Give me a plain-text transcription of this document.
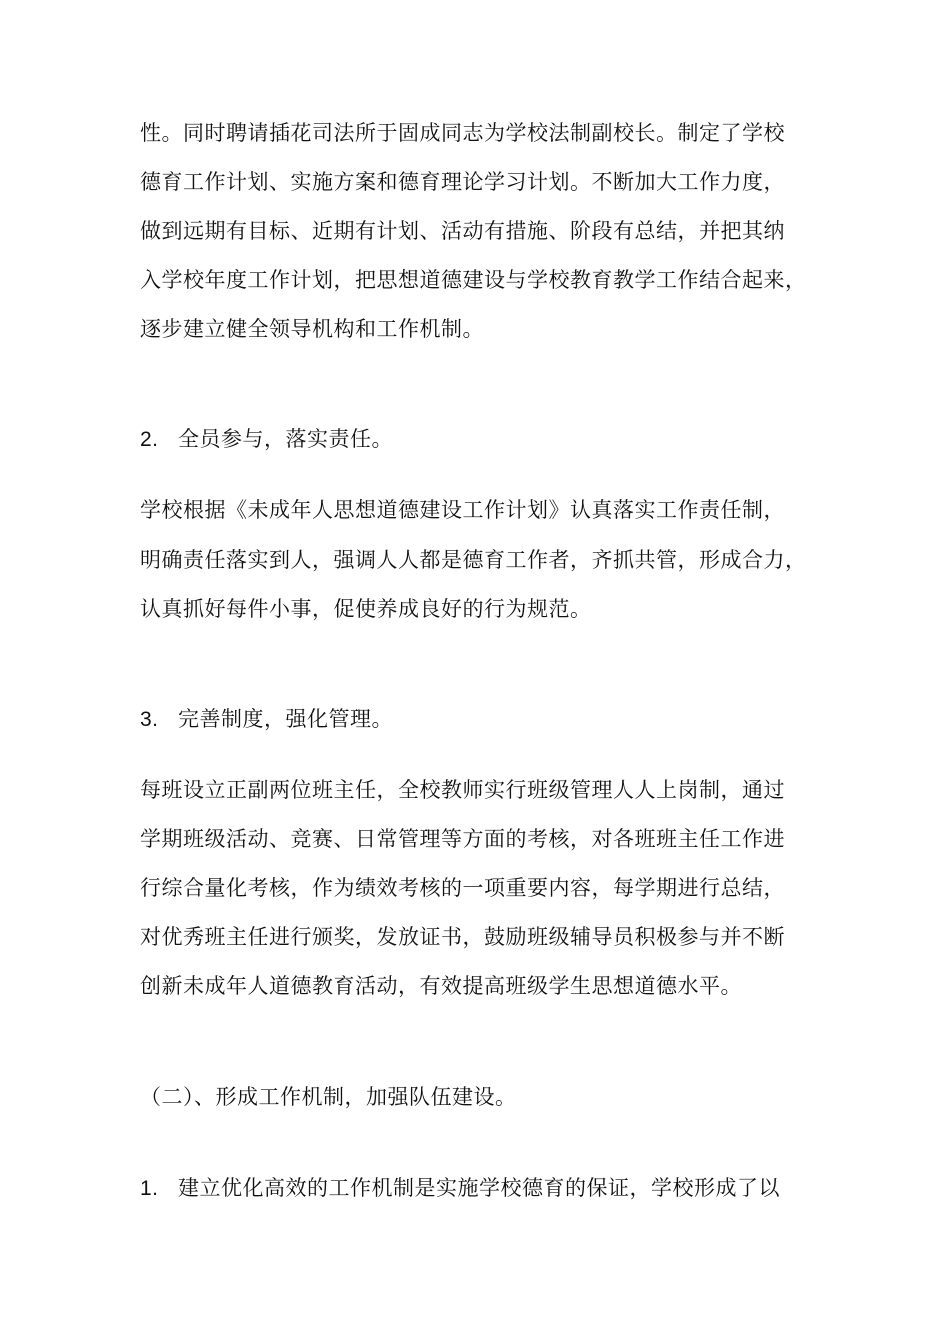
性。同时聘请插花司法所于固成同志为学校法制副校长。制定了学校
德育工作计划、实施方案和德育理论学习计划。不断加大工作力度，
做到远期有目标、近期有计划、活动有措施、阶段有总结，并把其纳
入学校年度工作计划，把思想道德建设与学校教育教学工作结合起来，
逐步建立健全领导机构和工作机制。
2. 全员参与，落实责任。
学校根据《未成年人思想道德建设工作计划》认真落实工作责任制，
明确责任落实到人，强调人人都是德育工作者，齐抓共管，形成合力，
认真抓好每件小事，促使养成良好的行为规范。
3. 完善制度，强化管理。
每班设立正副两位班主任，全校教师实行班级管理人人上岗制，通过
学期班级活动、竞赛、日常管理等方面的考核，对各班班主任工作进
行综合量化考核，作为绩效考核的一项重要内容，每学期进行总结，
对优秀班主任进行颁奖，发放证书，鼓励班级辅导员积极参与并不断
创新未成年人道德教育活动，有效提高班级学生思想道德水平。
（二）、形成工作机制，加强队伍建设。
1. 建立优化高效的工作机制是实施学校德育的保证，学校形成了以
